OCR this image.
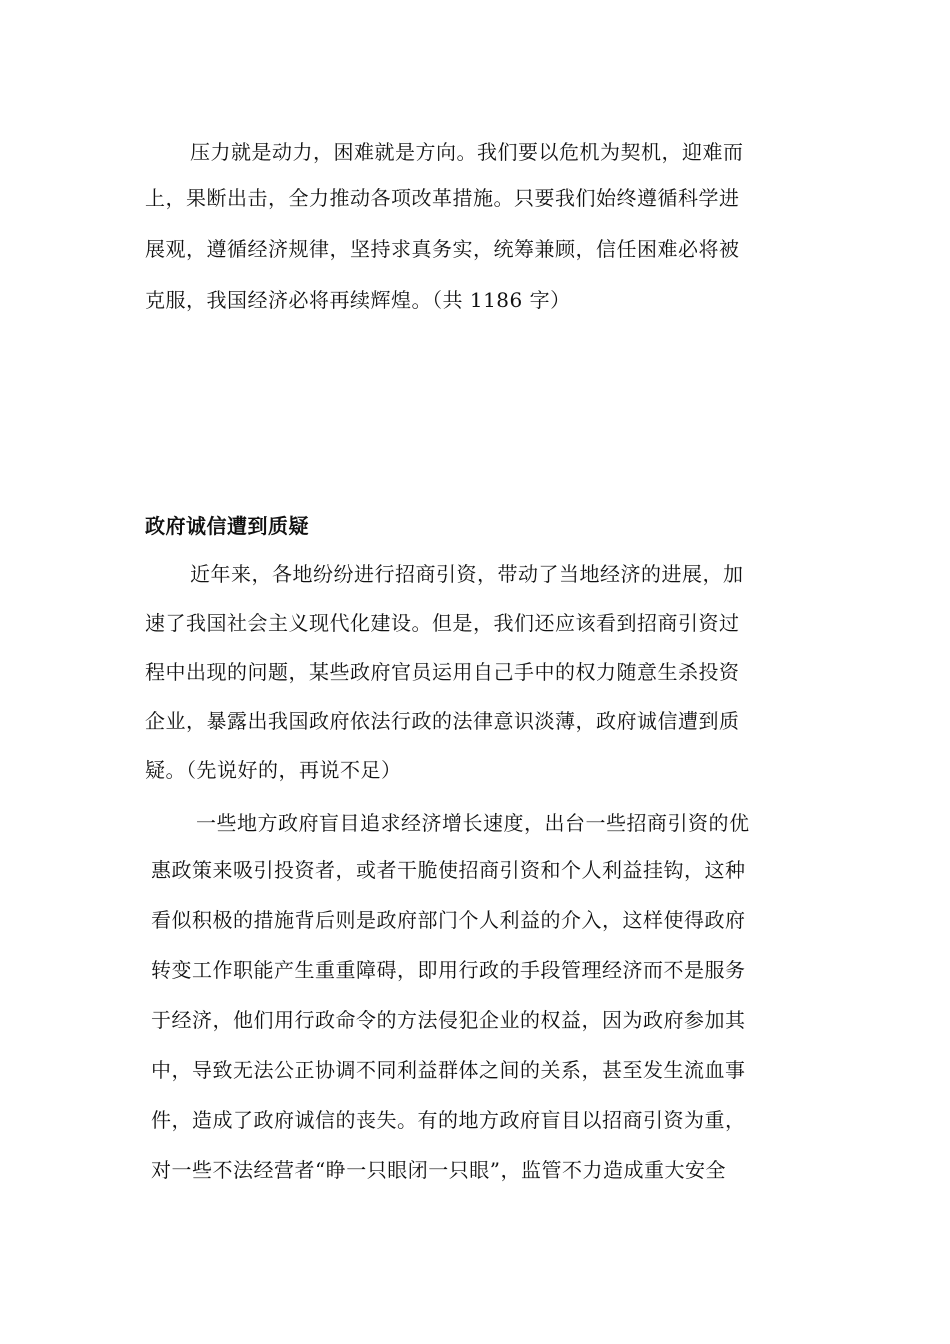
压力就是动力，困难就是方向。我们要以危机为契机，迎难而
上，果断出击，全力推动各项改革措施。只要我们始终遵循科学进
展观，遵循经济规律，坚持求真务实，统筹兼顾，信任困难必将被
克服，我国经济必将再续辉煌。（共 1186 字）
政府诚信遭到质疑
近年来，各地纷纷进行招商引资，带动了当地经济的进展，加
速了我国社会主义现代化建设。但是，我们还应该看到招商引资过
程中出现的问题，某些政府官员运用自己手中的权力随意生杀投资
企业，暴露出我国政府依法行政的法律意识淡薄，政府诚信遭到质
疑。（先说好的，再说不足）
一些地方政府盲目追求经济增长速度，出台一些招商引资的优
惠政策来吸引投资者，或者干脆使招商引资和个人利益挂钩，这种
看似积极的措施背后则是政府部门个人利益的介入，这样使得政府
转变工作职能产生重重障碍，即用行政的手段管理经济而不是服务
于经济，他们用行政命令的方法侵犯企业的权益，因为政府参加其
中，导致无法公正协调不同利益群体之间的关系，甚至发生流血事
件，造成了政府诚信的丧失。有的地方政府盲目以招商引资为重，
对一些不法经营者“睁一只眼闭一只眼”，监管不力造成重大安全
